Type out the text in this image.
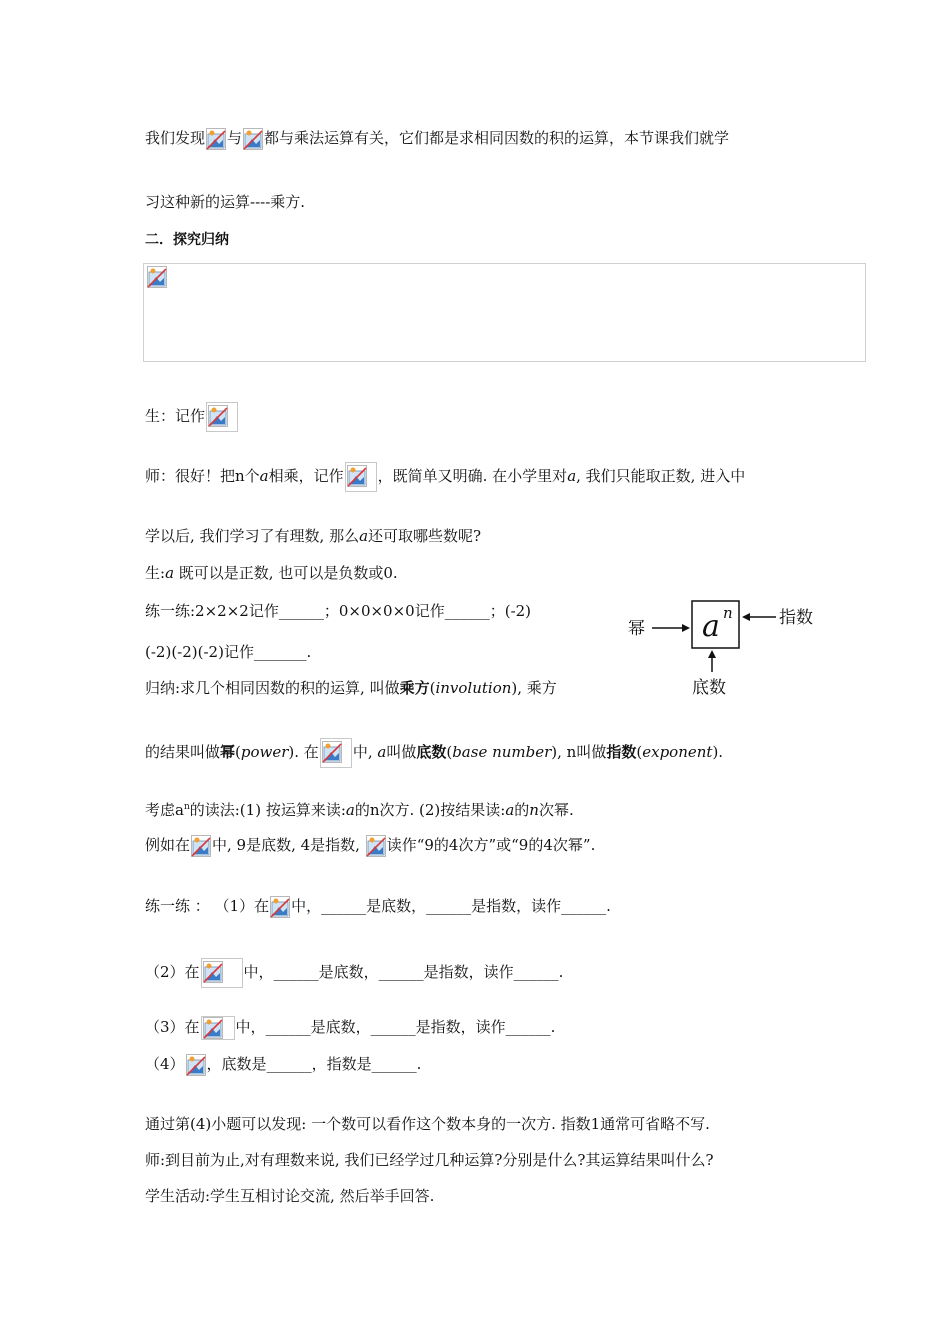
我们发现 与 都与乘法运算有关，它们都是求相同因数的积的运算，本节课我们就学
习这种新的运算----乘方.
二．探究归纳
生：记作
师：很好！把n个a相乘，记作 ，既简单又明确. 在小学里对a, 我们只能取正数, 进入中
学以后, 我们学习了有理数, 那么a还可取哪些数呢?
生:a 既可以是正数, 也可以是负数或0.
练一练:2×2×2记作______；0×0×0×0记作______；(-2)
(-2)(-2)(-2)记作_______.
a n
幂
指数
底数
归纳:求几个相同因数的积的运算, 叫做乘方(involution), 乘方
的结果叫做幂(power). 在 中, a叫做底数(base number), n叫做指数(exponent).
考虑$a^n$的读法:(1) 按运算来读:a的n次方. (2)按结果读:a的n次幂.
例如在 中, 9是底数, 4是指数,
读作“9的4次方”或“9的4次幂”.
练一练 ： （1）在 中，______是底数，______是指数，读作______.
（2）在	中，______是底数，______是指数，读作______.
（3）在 中，______是底数，______是指数，读作______.
（4） ，底数是______，指数是______.
通过第(4)小题可以发现: 一个数可以看作这个数本身的一次方. 指数1通常可省略不写.
师:到目前为止,对有理数来说, 我们已经学过几种运算?分别是什么?其运算结果叫什么?
学生活动:学生互相讨论交流, 然后举手回答.
